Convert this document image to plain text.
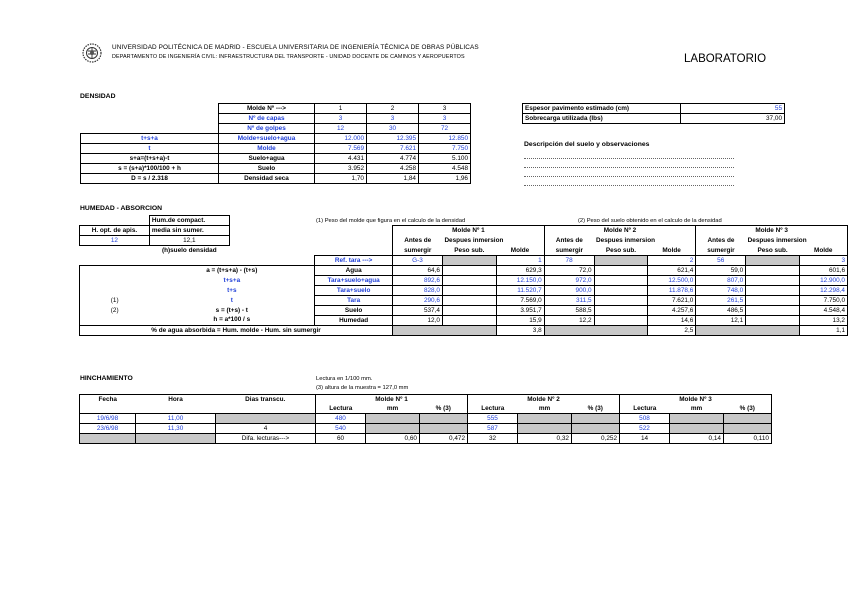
UNIVERSIDAD POLITÉCNICA DE MADRID - ESCUELA UNIVERSITARIA DE INGENIERÍA TÉCNICA DE OBRAS PÚBLICAS
DEPARTAMENTO DE INGENIERÍA CIVIL: INFRAESTRUCTURA DEL TRANSPORTE - UNIDAD DOCENTE DE CAMINOS Y AEROPUERTOS	LABORATORIO
DENSIDAD
	Molde Nº --->	1	2	3
	Nº de capas	3	3	3
	Nº de golpes	12	30	72
t+s+a	Molde+suelo+agua	12.000	12.395	12.850
t	Molde	7.569	7.621	7.750
s+a=(t+s+a)-t	Suelo+agua	4.431	4.774	5.100
s = (s+a)*100/100 + h	Suelo	3.952	4.258	4.548
D = s / 2.318	Densidad seca	1,70	1,84	1,96
Espesor pavimento estimado (cm)	55
Sobrecarga utilizada (lbs)	37,00
Descripción del suelo y observaciones
HUMEDAD - ABSORCION
(1) Peso del molde que figura en el calculo de la densidad	(2) Peso del suelo obtenido en el calculo de la densidad
	Hum.de compact.											
H. opt. de apis.	media sin sumer.			Molde Nº 1			Molde Nº 2			Molde Nº 3		
12	12,1			Antes de	Despues inmersion		Antes de	Despues inmersion		Antes de	Despues inmersion	
	(h)suelo densidad			sumergir	Peso sub.	Molde	sumergir	Peso sub.	Molde	sumergir	Peso sub.	Molde
			Ref. tara --->	G-3		1	78		2	56		3
	a = (t+s+a) - (t+s)		Agua	64,6		629,3	72,0		621,4	59,0		601,6
	t+s+a		Tara+suelo+agua	892,6		12.150,0	972,0		12.500,0	807,0		12.900,0
	t+s		Tara+suelo	828,0		11.520,7	900,0		11.878,6	748,0		12.298,4
(1)	t		Tara	290,6		7.569,0	311,5		7.621,0	261,5		7.750,0
(2)	s = (t+s) - t		Suelo	537,4		3.951,7	588,5		4.257,6	486,5		4.548,4
	h = a*100 / s		Humedad	12,0		15,9	12,2		14,6	12,1		13,2
% de agua absorbida = Hum. molde - Hum. sin sumergir						3,8			2,5			1,1
HINCHAMIENTO	Lectura en 1/100 mm.
(3) altura de la muestra = 127,0 mm
Fecha	Hora	Dias transcu.	Molde Nº 1			Molde Nº 2			Molde Nº 3		
			Lectura	mm	% (3)	Lectura	mm	% (3)	Lectura	mm	% (3)
19/6/98	11,00		480			555			508		
23/6/98	11,30	4	540			587			522		
		Difa. lecturas--->	60	0,60	0,472	32	0,32	0,252	14	0,14	0,110
